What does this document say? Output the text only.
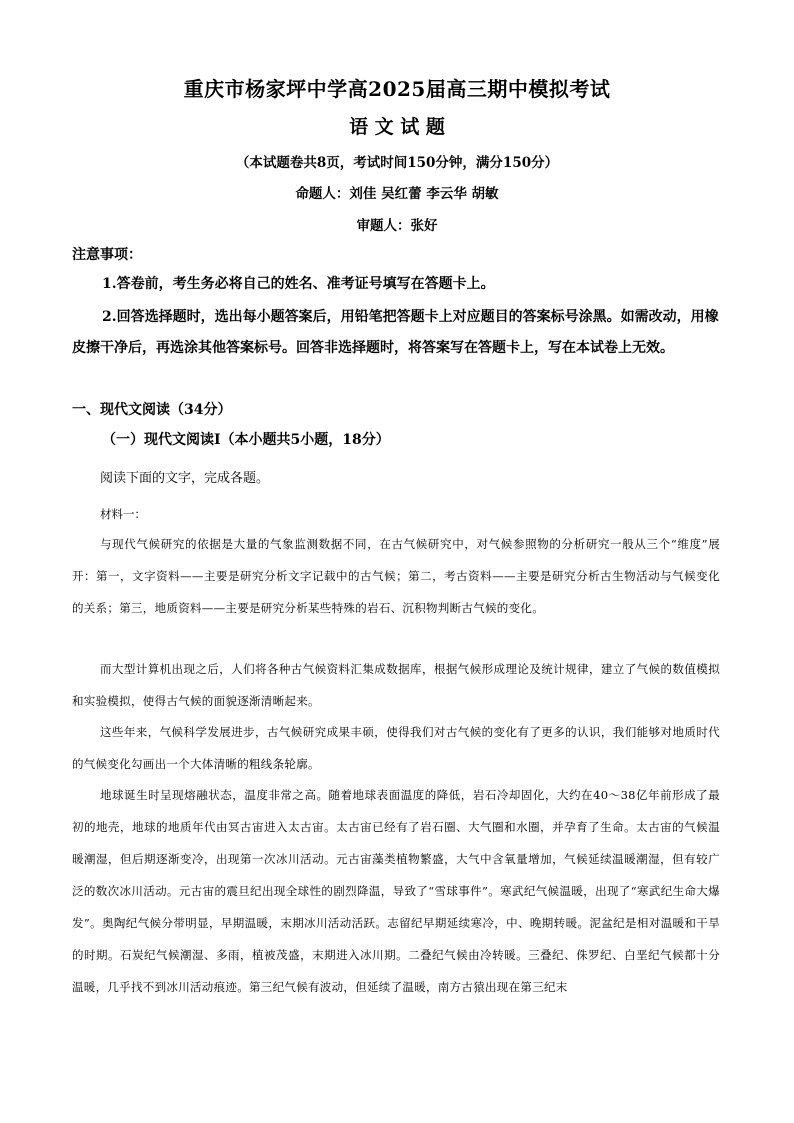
重庆市杨家坪中学高2025届高三期中模拟考试
语 文 试 题
（本试题卷共8页，考试时间150分钟，满分150分）
命题人：刘佳 吴红蕾 李云华 胡敏
审题人：张好
注意事项：
1.答卷前，考生务必将自己的姓名、准考证号填写在答题卡上。
2.回答选择题时，选出每小题答案后，用铅笔把答题卡上对应题目的答案标号涂黑。如需改动，用橡皮擦干净后，再选涂其他答案标号。回答非选择题时，将答案写在答题卡上，写在本试卷上无效。
一、现代文阅读（34分）
（一）现代文阅读Ⅰ（本小题共5小题，18分）
阅读下面的文字，完成各题。
材料一：
与现代气候研究的依据是大量的气象监测数据不同，在古气候研究中，对气候参照物的分析研究一般从三个“维度”展开：第一，文字资料——主要是研究分析文字记载中的古气候；第二，考古资料——主要是研究分析古生物活动与气候变化的关系；第三，地质资料——主要是研究分析某些特殊的岩石、沉积物判断古气候的变化。
而大型计算机出现之后，人们将各种古气候资料汇集成数据库，根据气候形成理论及统计规律，建立了气候的数值模拟和实验模拟，使得古气候的面貌逐渐清晰起来。
这些年来，气候科学发展进步，古气候研究成果丰硕，使得我们对古气候的变化有了更多的认识，我们能够对地质时代的气候变化勾画出一个大体清晰的粗线条轮廓。
地球诞生时呈现熔融状态，温度非常之高。随着地球表面温度的降低，岩石冷却固化，大约在40～38亿年前形成了最初的地壳，地球的地质年代由冥古宙进入太古宙。太古宙已经有了岩石圈、大气圈和水圈，并孕育了生命。太古宙的气候温暖潮湿，但后期逐渐变冷，出现第一次冰川活动。元古宙藻类植物繁盛，大气中含氧量增加，气候延续温暖潮湿，但有较广泛的数次冰川活动。元古宙的震旦纪出现全球性的剧烈降温，导致了“雪球事件”。寒武纪气候温暖，出现了“寒武纪生命大爆发”。奥陶纪气候分带明显，早期温暖，末期冰川活动活跃。志留纪早期延续寒冷，中、晚期转暖。泥盆纪是相对温暖和干旱的时期。石炭纪气候潮湿、多雨，植被茂盛，末期进入冰川期。二叠纪气候由冷转暖。三叠纪、侏罗纪、白垩纪气候都十分温暖，几乎找不到冰川活动痕迹。第三纪气候有波动，但延续了温暖，南方古猿出现在第三纪末
